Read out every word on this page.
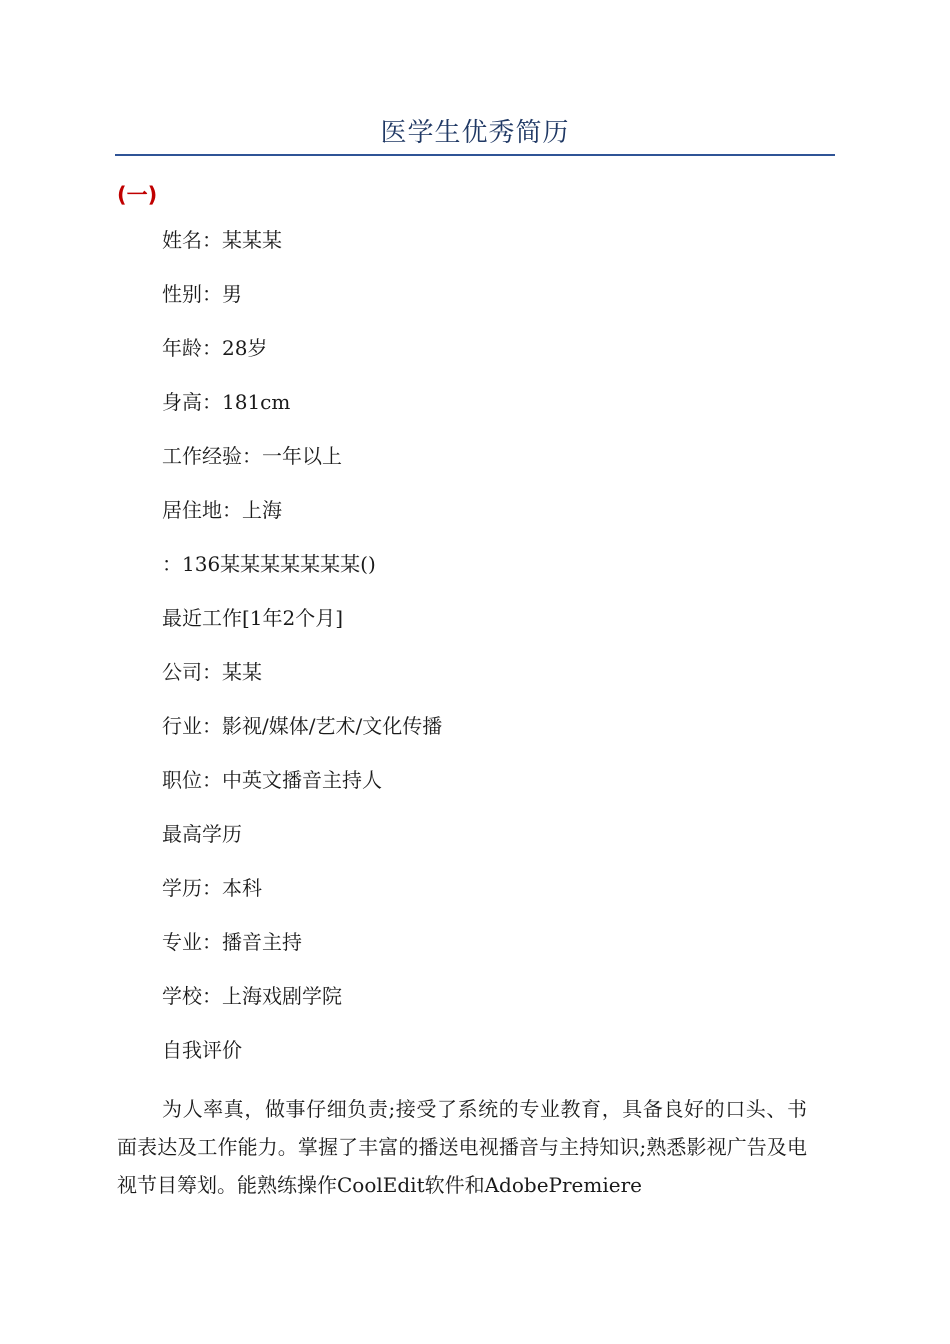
医学生优秀简历
(一)
姓名：某某某
性别：男
年龄：28岁
身高：181cm
工作经验：一年以上
居住地：上海
：136某某某某某某某()
最近工作[1年2个月]
公司：某某
行业：影视/媒体/艺术/文化传播
职位：中英文播音主持人
最高学历
学历：本科
专业：播音主持
学校：上海戏剧学院
自我评价

为人率真，做事仔细负责;接受了系统的专业教育，具备良好的口头、书面表达及工作能力。掌握了丰富的播送电视播音与主持知识;熟悉影视广告及电视节目筹划。能熟练操作CoolEdit软件和AdobePremiere
